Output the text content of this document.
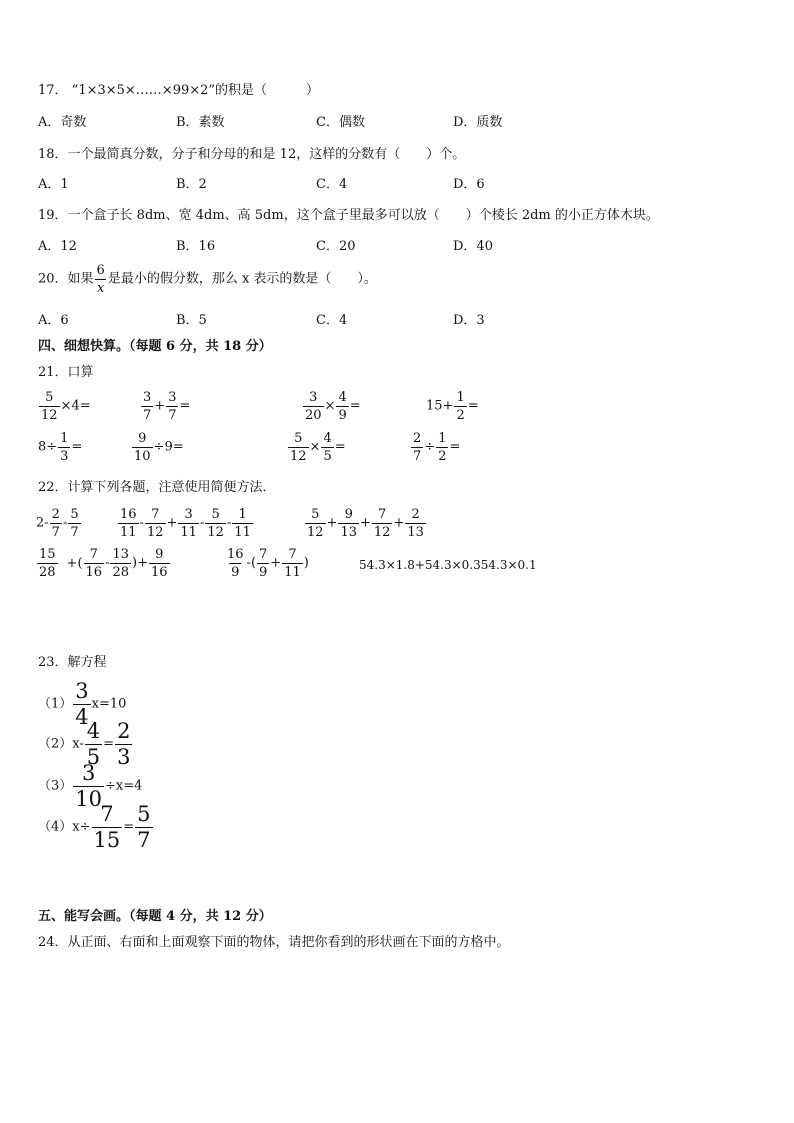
17． “1×3×5×……×99×2”的积是（　　　）
A．奇数	B．素数	C．偶数	D．质数
18．一个最简真分数，分子和分母的和是 12，这样的分数有（　　）个。
A．1	B．2	C．4	D．6
19．一个盒子长 8dm、宽 4dm、高 5dm，这个盒子里最多可以放（　　）个棱长 2dm 的小正方体木块。
A．12	B．16	C．20	D．40
20．如果 $\frac{6}{x}$ 是最小的假分数，那么 x 表示的数是（　　）。
A．6	B．5	C．4	D．3
四、细想快算。（每题 6 分，共 18 分）
21．口算
$\frac{5}{12} \times 4=$	$\frac{3}{7} + \frac{3}{7}$ =	$\frac{3}{20} \times \frac{4}{9}$ =	$15+ \frac{1}{2}$ =
$8\div \frac{1}{3}$ =	$\frac{9}{10} \div 9=$	$\frac{5}{12} \times \frac{4}{5}$ =	$\frac{2}{7} \div \frac{1}{2}$ =
22．计算下列各题，注意使用简便方法．
$2- \frac{2}{7} - \frac{5}{7}$	$\frac{16}{11} - \frac{7}{12} + \frac{3}{11} - \frac{5}{12} - \frac{1}{11}$	$\frac{5}{12} + \frac{9}{13} + \frac{7}{12} + \frac{2}{13}$
$\frac{15}{28}$ +( $\frac{7}{16} - \frac{13}{28}$ )+ $\frac{9}{16}$	$\frac{16}{9}$ -( $\frac{7}{9} + \frac{7}{11}$ )	54.3×1.8+54.3×0.354.3×0.1
23．解方程
$(1) \frac{3}{4} x=10$
$(2)x- \frac{4}{5} = \frac{2}{3}$
$(3) \frac{3}{10} \div x=4$
$(4)x\div \frac{7}{15} = \frac{5}{7}$
五、能写会画。（每题 4 分，共 12 分）
24．从正面、右面和上面观察下面的物体，请把你看到的形状画在下面的方格中。
